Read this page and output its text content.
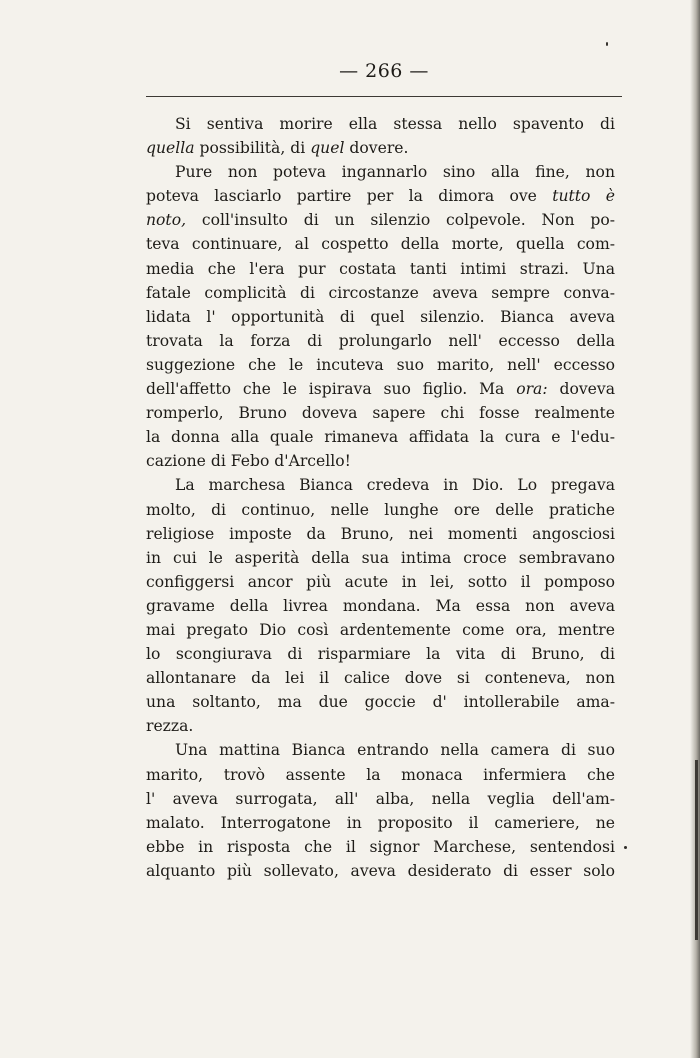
— 266 —
Si sentiva morire ella stessa nello spavento di
quella possibilità, di quel dovere.
Pure non poteva ingannarlo sino alla fine, non
poteva lasciarlo partire per la dimora ove tutto è
noto, coll'insulto di un silenzio colpevole. Non po-
teva continuare, al cospetto della morte, quella com-
media che l'era pur costata tanti intimi strazi. Una
fatale complicità di circostanze aveva sempre conva-
lidata l' opportunità di quel silenzio. Bianca aveva
trovata la forza di prolungarlo nell' eccesso della
suggezione che le incuteva suo marito, nell' eccesso
dell'affetto che le ispirava suo figlio. Ma ora: doveva
romperlo, Bruno doveva sapere chi fosse realmente
la donna alla quale rimaneva affidata la cura e l'edu-
cazione di Febo d'Arcello!
La marchesa Bianca credeva in Dio. Lo pregava
molto, di continuo, nelle lunghe ore delle pratiche
religiose imposte da Bruno, nei momenti angosciosi
in cui le asperità della sua intima croce sembravano
configgersi ancor più acute in lei, sotto il pomposo
gravame della livrea mondana. Ma essa non aveva
mai pregato Dio così ardentemente come ora, mentre
lo scongiurava di risparmiare la vita di Bruno, di
allontanare da lei il calice dove si conteneva, non
una soltanto, ma due goccie d' intollerabile ama-
rezza.
Una mattina Bianca entrando nella camera di suo
marito, trovò assente la monaca infermiera che
l' aveva surrogata, all' alba, nella veglia dell'am-
malato. Interrogatone in proposito il cameriere, ne
ebbe in risposta che il signor Marchese, sentendosi
alquanto più sollevato, aveva desiderato di esser solo
